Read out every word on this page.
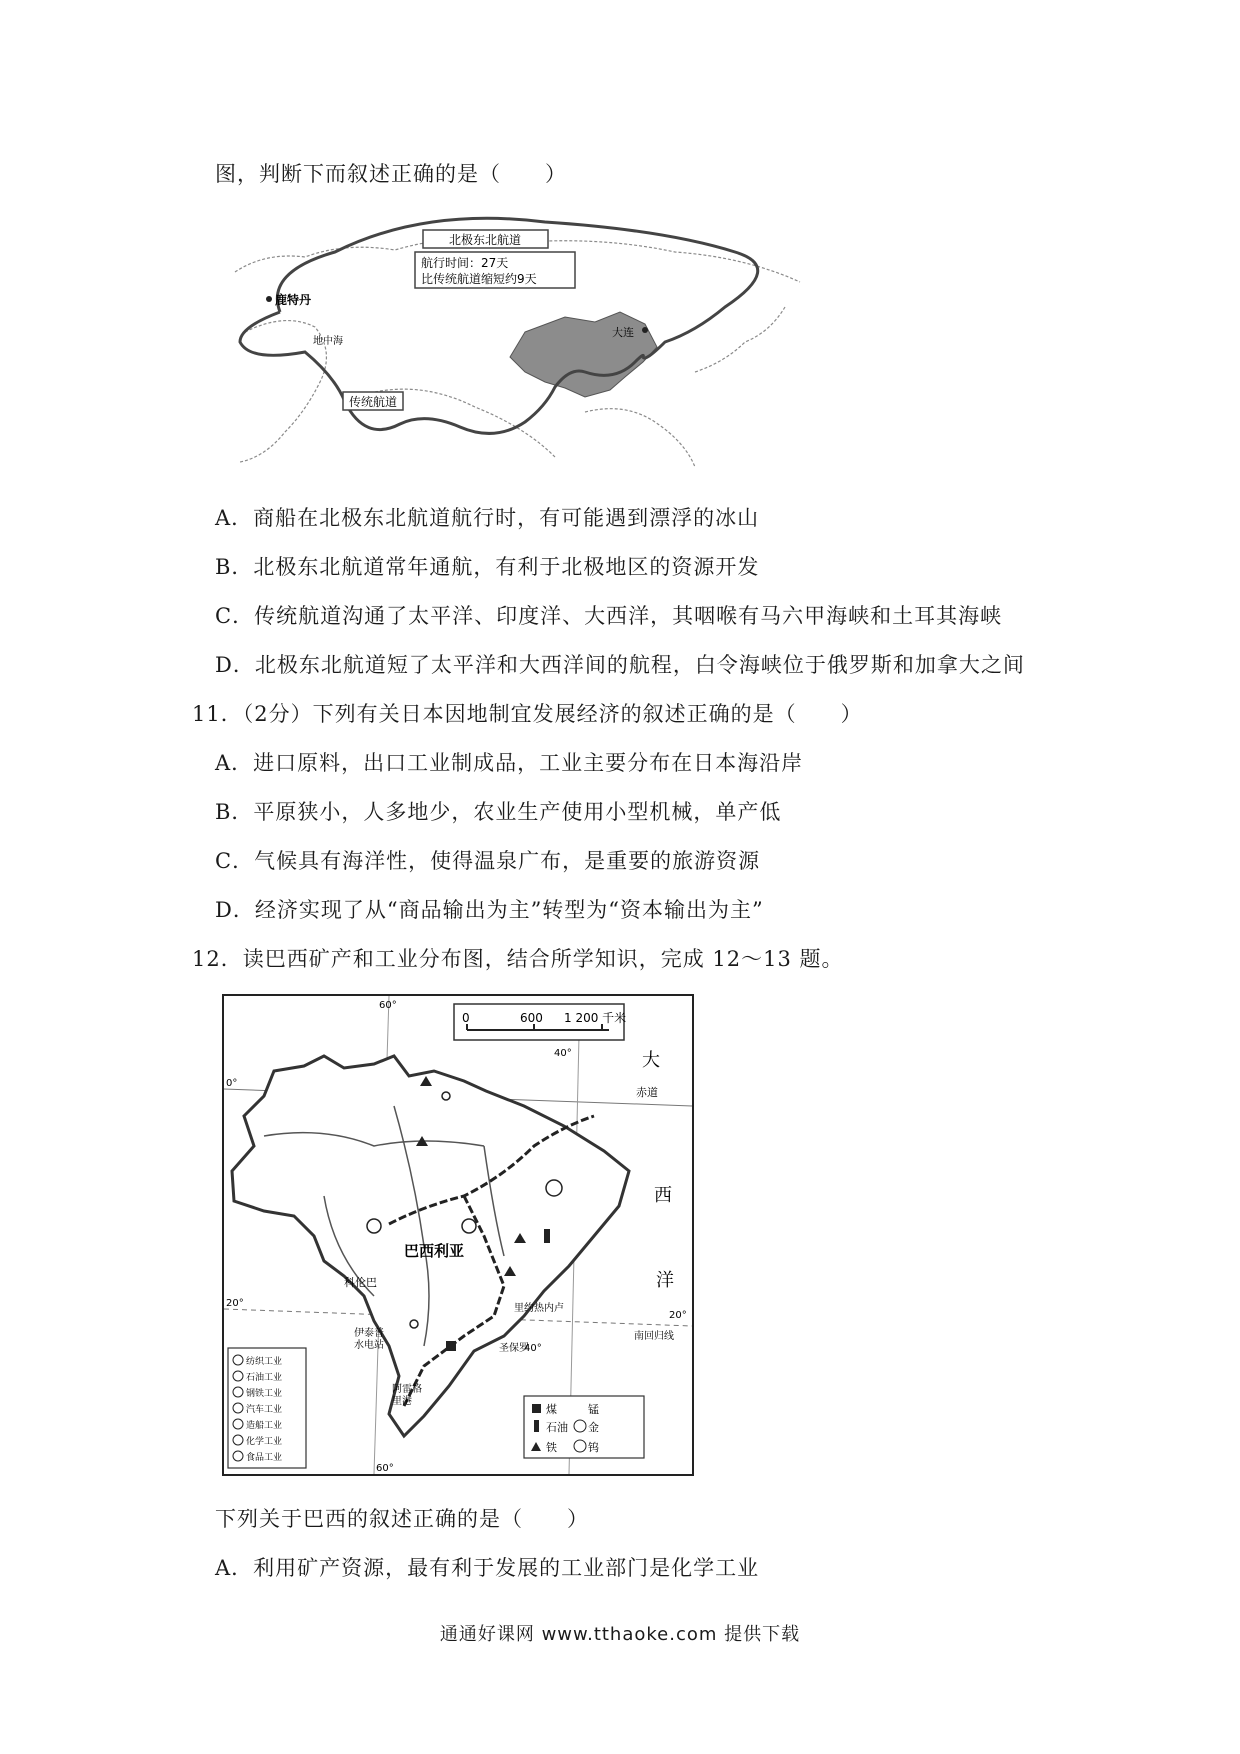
图，判断下而叙述正确的是（　　）
北极东北航道
航行时间：27天
比传统航道缩短约9天
鹿特丹
大连
地中海
传统航道
A．商船在北极东北航道航行时，有可能遇到漂浮的冰山
B．北极东北航道常年通航，有利于北极地区的资源开发
C．传统航道沟通了太平洋、印度洋、大西洋，其咽喉有马六甲海峡和土耳其海峡
D．北极东北航道短了太平洋和大西洋间的航程，白令海峡位于俄罗斯和加拿大之间
11．（2分）下列有关日本因地制宜发展经济的叙述正确的是（　　）
A．进口原料，出口工业制成品，工业主要分布在日本海沿岸
B．平原狭小，人多地少，农业生产使用小型机械，单产低
C．气候具有海洋性，使得温泉广布，是重要的旅游资源
D．经济实现了从“商品输出为主”转型为“资本输出为主”
12．读巴西矿产和工业分布图，结合所学知识，完成 12～13 题。
0	600 1 200 千米
60°
40°
0°
赤道
大
西
洋
20°
20°
南回归线
40°
60°
巴西利亚
科伦巴
里约热内卢
圣保罗
伊泰普
水电站
阿雷格
里港
纺织工业
石油工业
钢铁工业
汽车工业
造船工业
化学工业
食品工业
煤	锰
石油 金
铁	钨
下列关于巴西的叙述正确的是（　　）
A．利用矿产资源，最有利于发展的工业部门是化学工业
通通好课网 www.tthaoke.com 提供下载
